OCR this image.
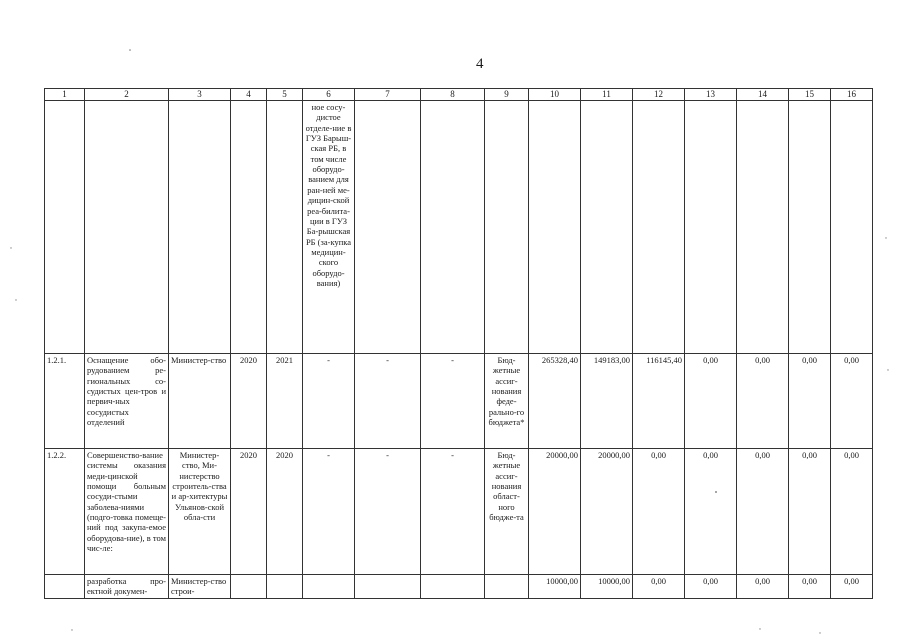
4
1	2	3	4	5	6	7	8	9	10	11	12	13	14	15	16
					ное сосу-дистое отделе-ние в ГУЗ Барыш-ская РБ, в том числе оборудо-ванием для ран-ней ме-дицин-ской реа-билита-ции в ГУЗ Ба-рышская РБ (за-купка медицин-ского оборудо-вания)										
1.2.1.	Оснащение обо-рудованием ре-гиональных со-судистых цен-тров и первич-ных сосудистых отделений	Министер-ство	2020	2021	-	-	-	Бюд-жетные ассиг-нования феде-рально-го бюджета*	265328,40	149183,00	116145,40	0,00	0,00	0,00	0,00
1.2.2.	Совершенство-вание системы оказания меди-цинской помощи больным сосуди-стыми заболева-ниями (подго-товка помеще-ний под закупа-емое оборудова-ние), в том чис-ле:	Министер-ство, Ми-нистерство строитель-ства и ар-хитектуры Ульянов-ской обла-сти	2020	2020	-	-	-	Бюд-жетные ассиг-нования област-ного бюдже-та	20000,00	20000,00	0,00	0,00	0,00	0,00	0,00
	разработка про-ектной докумен-	Министер-ство строи-							10000,00	10000,00	0,00	0,00	0,00	0,00	0,00
